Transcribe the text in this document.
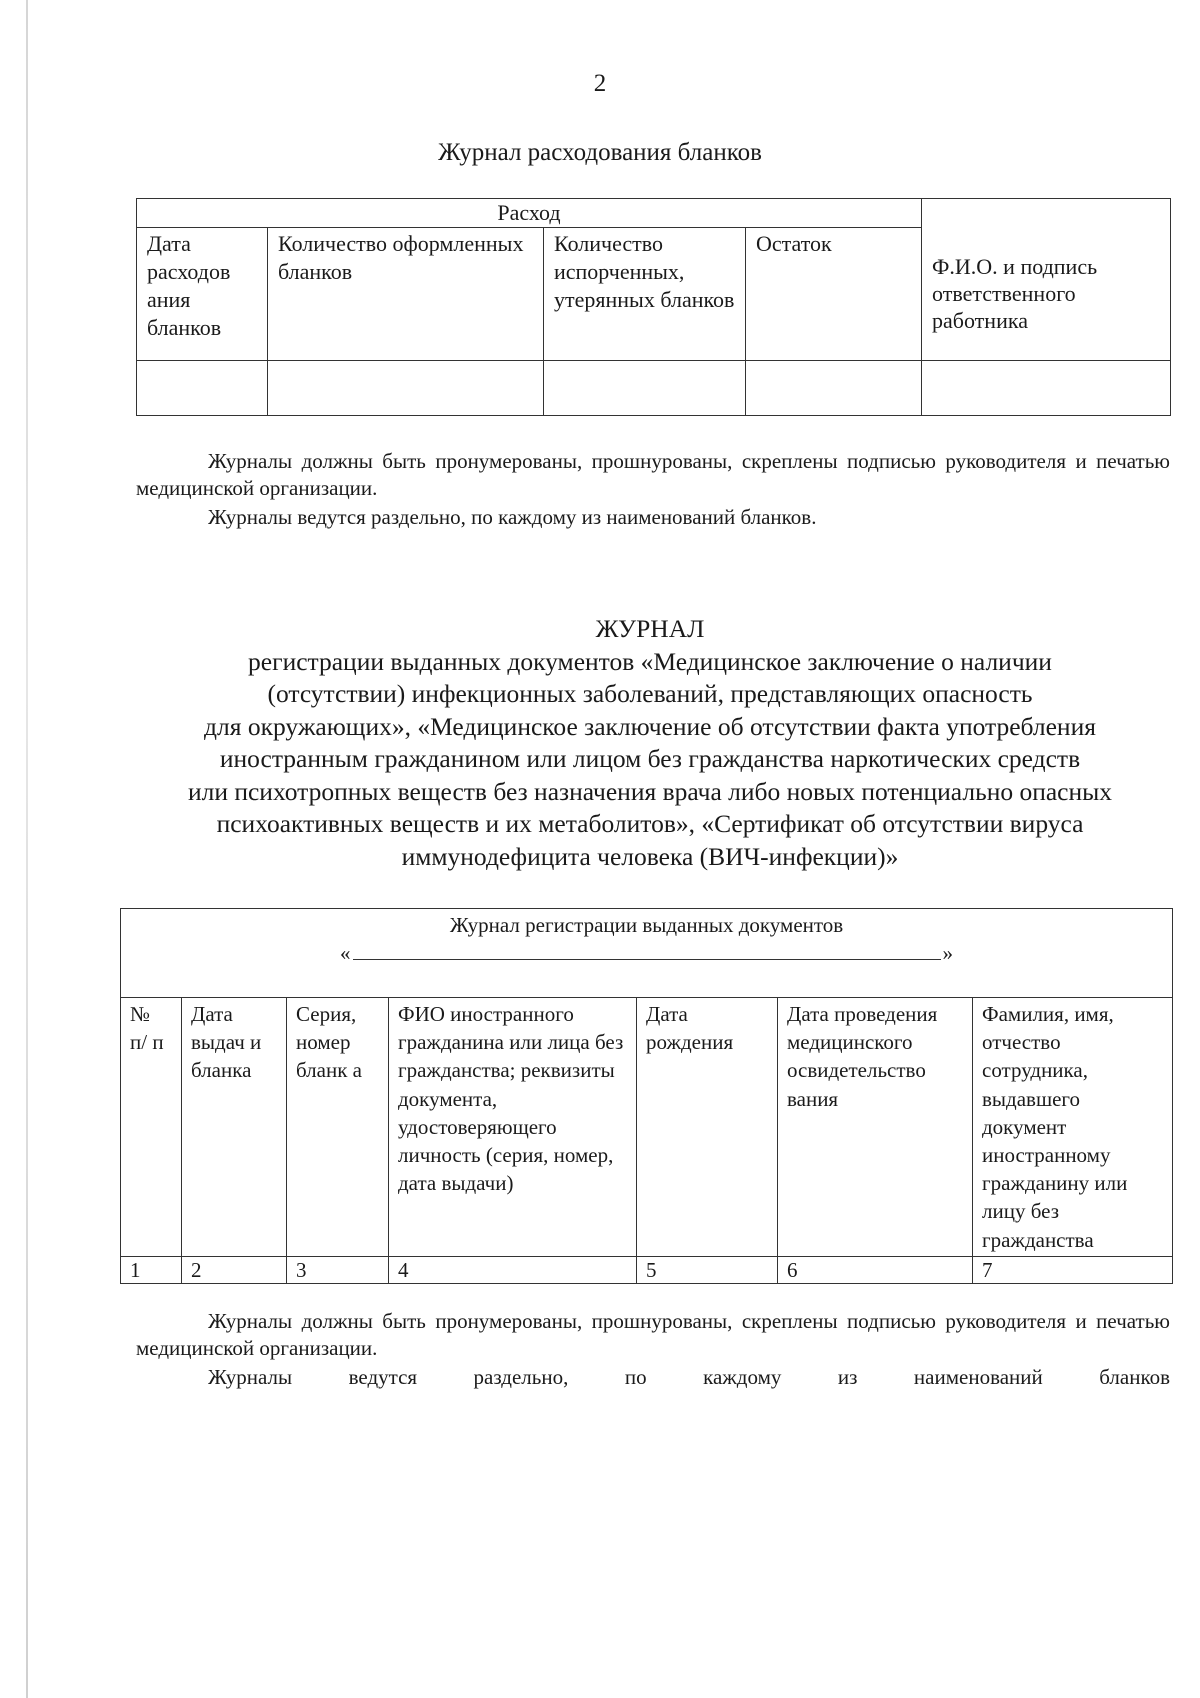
2
Журнал расходования бланков
Расход				Ф.И.О. и подпись ответственного работника
Дата расходов ания бланков	Количество оформленных бланков	Количество испорченных, утерянных бланков	Остаток	

Журналы должны быть пронумерованы, прошнурованы, скреплены подписью руководителя и печатью медицинской организации.
Журналы ведутся раздельно, по каждому из наименований бланков.
ЖУРНАЛ
регистрации выданных документов «Медицинское заключение о наличии
(отсутствии) инфекционных заболеваний, представляющих опасность
для окружающих», «Медицинское заключение об отсутствии факта употребления
иностранным гражданином или лицом без гражданства наркотических средств
или психотропных веществ без назначения врача либо новых потенциально опасных
психоактивных веществ и их метаболитов», «Сертификат об отсутствии вируса
иммунодефицита человека (ВИЧ-инфекции)»
Журнал регистрации выданных документов
« »						
№ п/ п	Дата выдач и бланка	Серия, номер бланк а	ФИО иностранного гражданина или лица без гражданства; реквизиты документа, удостоверяющего личность (серия, номер, дата выдачи)	Дата рождения	Дата проведения медицинского освидетельство вания	Фамилия, имя, отчество сотрудника, выдавшего документ иностранному гражданину или лицу без гражданства
1	2	3	4	5	6	7
Журналы должны быть пронумерованы, прошнурованы, скреплены подписью руководителя и печатью медицинской организации.
Журналы ведутся раздельно, по каждому из наименований бланков
